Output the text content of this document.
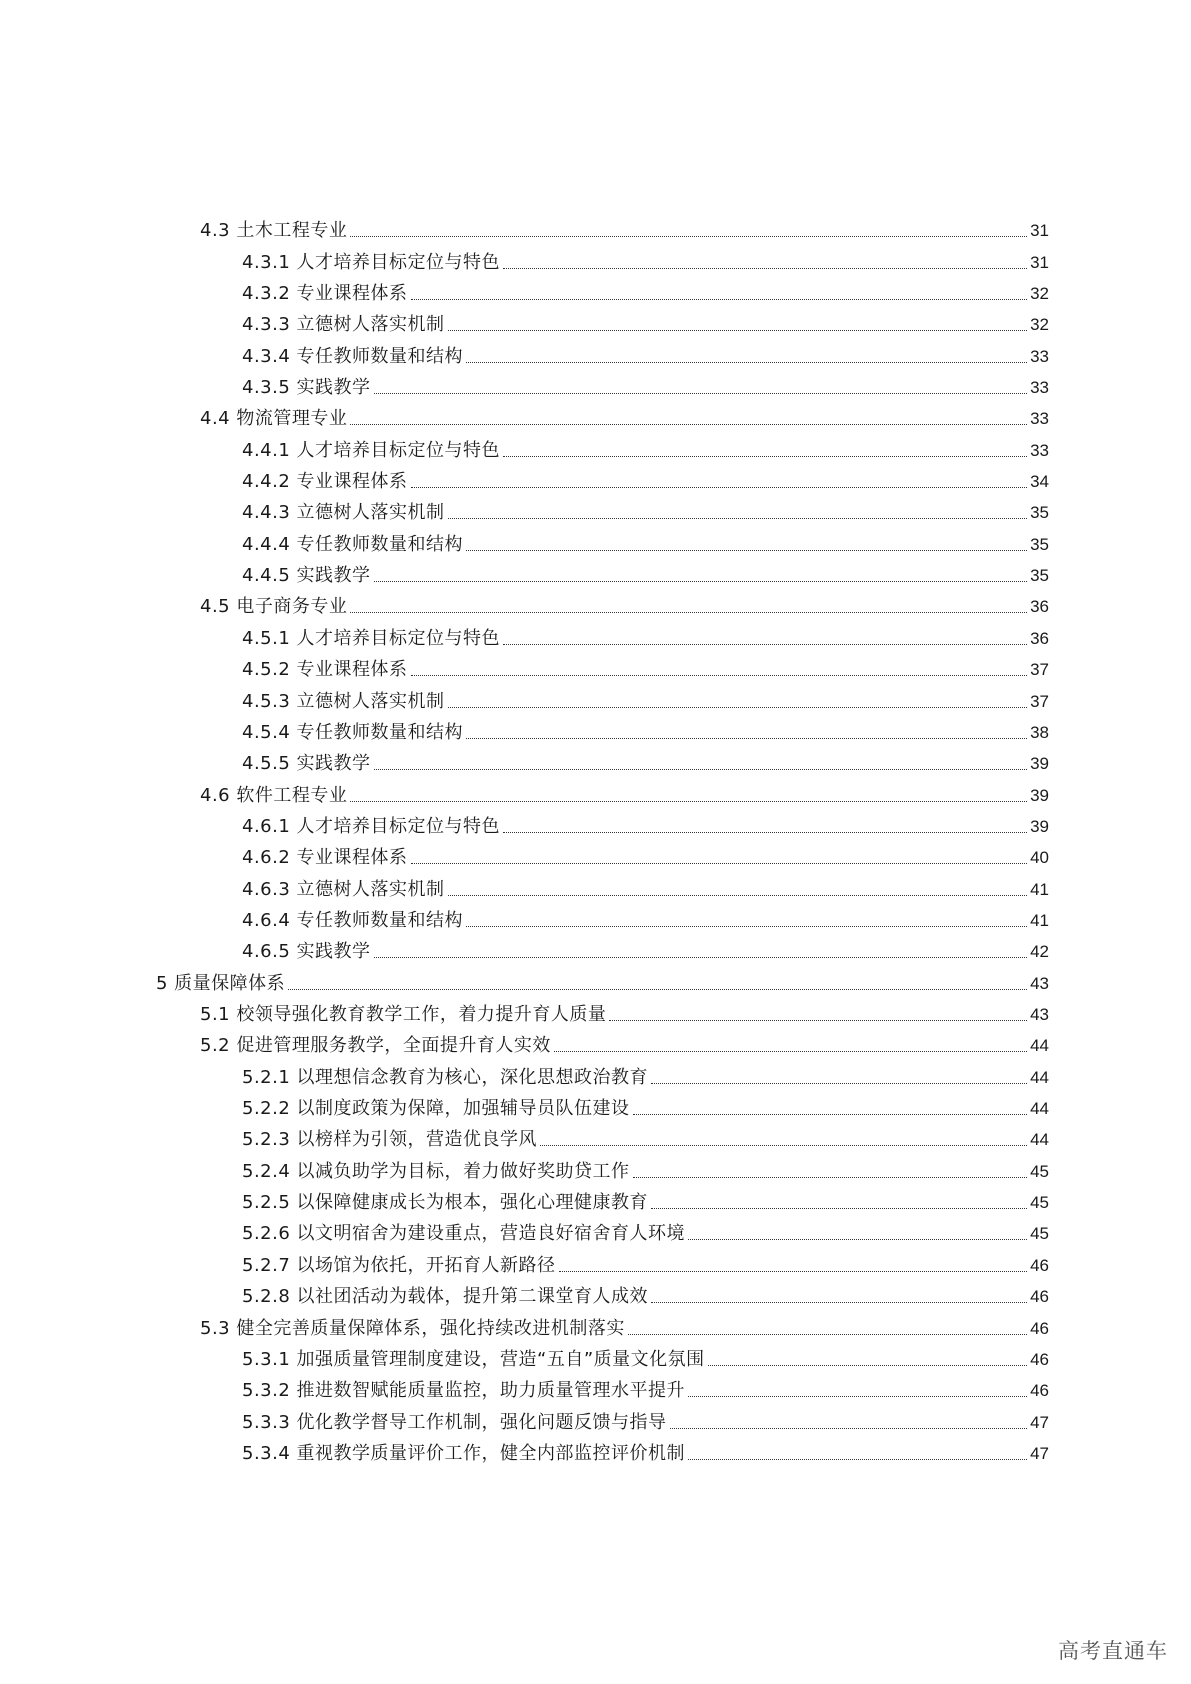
4.3 土木工程专业	31
4.3.1 人才培养目标定位与特色	31
4.3.2 专业课程体系	32
4.3.3 立德树人落实机制	32
4.3.4 专任教师数量和结构	33
4.3.5 实践教学	33
4.4 物流管理专业	33
4.4.1 人才培养目标定位与特色	33
4.4.2 专业课程体系	34
4.4.3 立德树人落实机制	35
4.4.4 专任教师数量和结构	35
4.4.5 实践教学	35
4.5 电子商务专业	36
4.5.1 人才培养目标定位与特色	36
4.5.2 专业课程体系	37
4.5.3 立德树人落实机制	37
4.5.4 专任教师数量和结构	38
4.5.5 实践教学	39
4.6 软件工程专业	39
4.6.1 人才培养目标定位与特色	39
4.6.2 专业课程体系	40
4.6.3 立德树人落实机制	41
4.6.4 专任教师数量和结构	41
4.6.5 实践教学	42
5 质量保障体系	43
5.1 校领导强化教育教学工作，着力提升育人质量	43
5.2 促进管理服务教学，全面提升育人实效	44
5.2.1 以理想信念教育为核心，深化思想政治教育	44
5.2.2 以制度政策为保障，加强辅导员队伍建设	44
5.2.3 以榜样为引领，营造优良学风	44
5.2.4 以减负助学为目标，着力做好奖助贷工作	45
5.2.5 以保障健康成长为根本，强化心理健康教育	45
5.2.6 以文明宿舍为建设重点，营造良好宿舍育人环境	45
5.2.7 以场馆为依托，开拓育人新路径	46
5.2.8 以社团活动为载体，提升第二课堂育人成效	46
5.3 健全完善质量保障体系，强化持续改进机制落实	46
5.3.1 加强质量管理制度建设，营造“五自”质量文化氛围	46
5.3.2 推进数智赋能质量监控，助力质量管理水平提升	46
5.3.3 优化教学督导工作机制，强化问题反馈与指导	47
5.3.4 重视教学质量评价工作，健全内部监控评价机制	47
高考直通车
